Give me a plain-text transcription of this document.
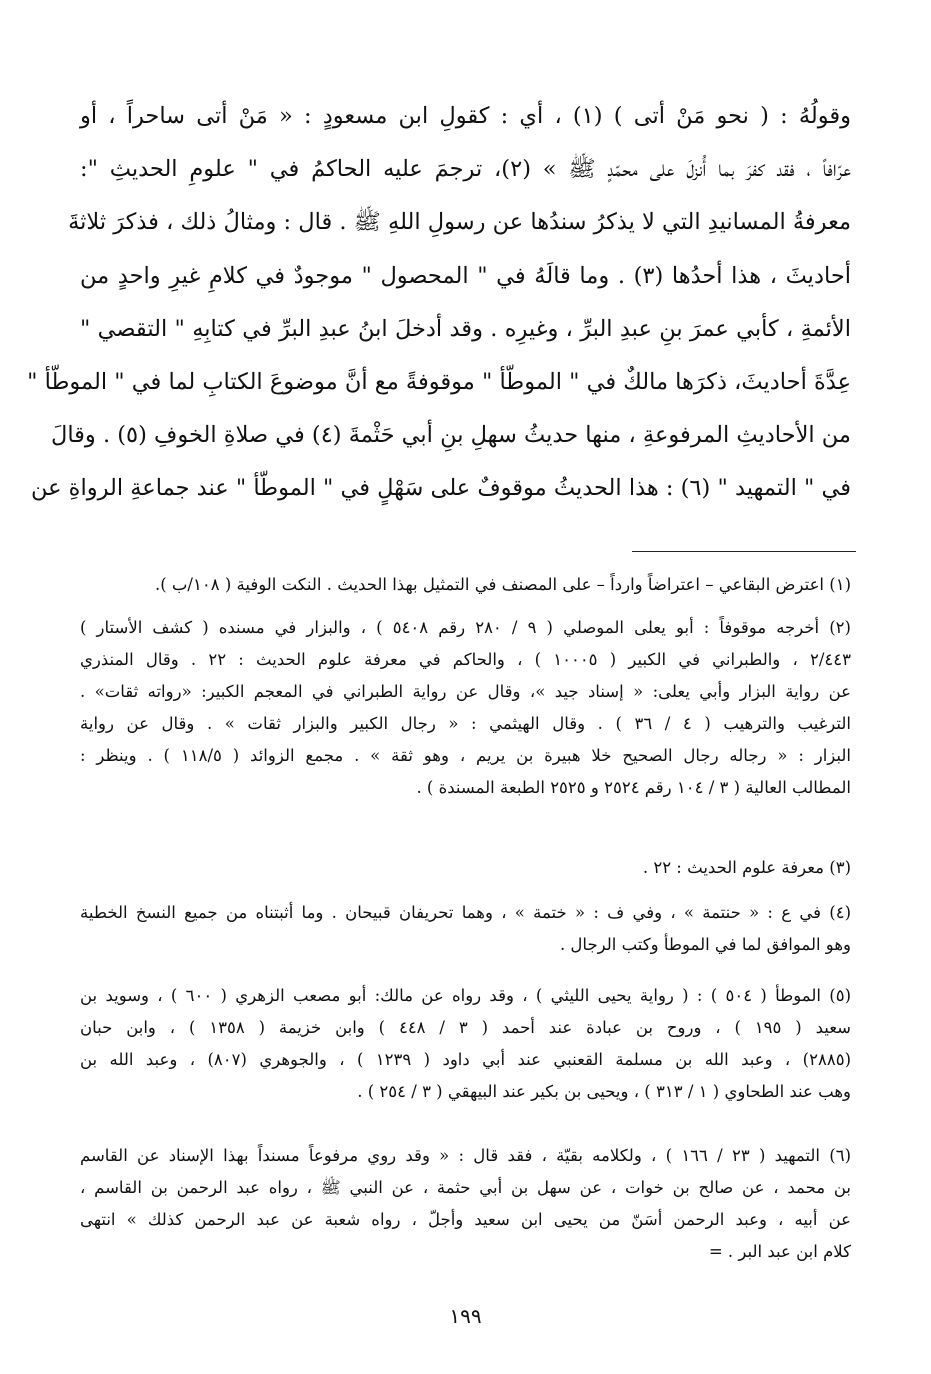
وقولُهُ : ( نحو مَنْ أتى ) (١) ، أي : كقولِ ابن مسعودٍ : « مَنْ أتى ساحراً ، أو
عرّافاً ، فقد كفرَ بما أُنزلَ على محمّدٍ ﷺ » (٢)، ترجمَ عليه الحاكمُ في " علومِ الحديثِ ":
معرفةُ المسانيدِ التي لا يذكرُ سندُها عن رسولِ اللهِ ﷺ . قال : ومثالُ ذلك ، فذكرَ ثلاثةَ
أحاديثَ ، هذا أحدُها (٣) . وما قالَهُ في " المحصول " موجودٌ في كلامِ غيرِ واحدٍ من
الأئمةِ ، كأبي عمرَ بنِ عبدِ البرِّ ، وغيرِه . وقد أدخلَ ابنُ عبدِ البرِّ في كتابِهِ " التقصي "
عِدَّةَ أحاديثَ، ذكرَها مالكٌ في " الموطّأ " موقوفةً مع أنَّ موضوعَ الكتابِ لما في " الموطّأ "
من الأحاديثِ المرفوعةِ ، منها حديثُ سهلِ بنِ أبي حَثْمةَ (٤) في صلاةِ الخوفِ (٥) . وقالَ
في " التمهيد " (٦) : هذا الحديثُ موقوفٌ على سَهْلٍ في " الموطّأ " عند جماعةِ الرواةِ عن
(١) اعترض البقاعي – اعتراضاً وارداً – على المصنف في التمثيل بهذا الحديث . النكت الوفية ( ١٠٨/ب ).
(٢) أخرجه موقوفاً : أبو يعلى الموصلي ( ٩ / ٢٨٠ رقم ٥٤٠٨ ) ، والبزار في مسنده ( كشف الأستار )
٢/٤٤٣ ، والطبراني في الكبير ( ١٠٠٠٥ ) ، والحاكم في معرفة علوم الحديث : ٢٢ . وقال المنذري
عن رواية البزار وأبي يعلى: « إسناد جيد »، وقال عن رواية الطبراني في المعجم الكبير: «رواته ثقات» .
الترغيب والترهيب ( ٤ / ٣٦ ) . وقال الهيثمي : « رجال الكبير والبزار ثقات » . وقال عن رواية
البزار : « رجاله رجال الصحيح خلا هبيرة بن يريم ، وهو ثقة » . مجمع الزوائد ( ١١٨/٥ ) . وينظر :
المطالب العالية ( ٣ / ١٠٤ رقم ٢٥٢٤ و ٢٥٢٥ الطبعة المسندة ) .
(٣) معرفة علوم الحديث : ٢٢ .
(٤) في ع : « حنتمة » ، وفي ف : « ختمة » ، وهما تحريفان قبيحان . وما أثبتناه من جميع النسخ الخطية
وهو الموافق لما في الموطأ وكتب الرجال .
(٥) الموطأ ( ٥٠٤ ) : ( رواية يحيى الليثي ) ، وقد رواه عن مالك: أبو مصعب الزهري ( ٦٠٠ ) ، وسويد بن
سعيد ( ١٩٥ ) ، وروح بن عبادة عند أحمد ( ٣ / ٤٤٨ ) وابن خزيمة ( ١٣٥٨ ) ، وابن حبان
(٢٨٨٥) ، وعبد الله بن مسلمة القعنبي عند أبي داود ( ١٢٣٩ ) ، والجوهري (٨٠٧) ، وعبد الله بن
وهب عند الطحاوي ( ١ / ٣١٣ ) ، ويحيى بن بكير عند البيهقي ( ٣ / ٢٥٤ ) .
(٦) التمهيد ( ٢٣ / ١٦٦ ) ، ولكلامه بقيّة ، فقد قال : « وقد روي مرفوعاً مسنداً بهذا الإسناد عن القاسم
بن محمد ، عن صالح بن خوات ، عن سهل بن أبي حثمة ، عن النبي ﷺ ، رواه عبد الرحمن بن القاسم ،
عن أبيه ، وعبد الرحمن أسَنّ من يحيى ابن سعيد وأجلّ ، رواه شعبة عن عبد الرحمن كذلك » انتهى
كلام ابن عبد البر . =
١٩٩
